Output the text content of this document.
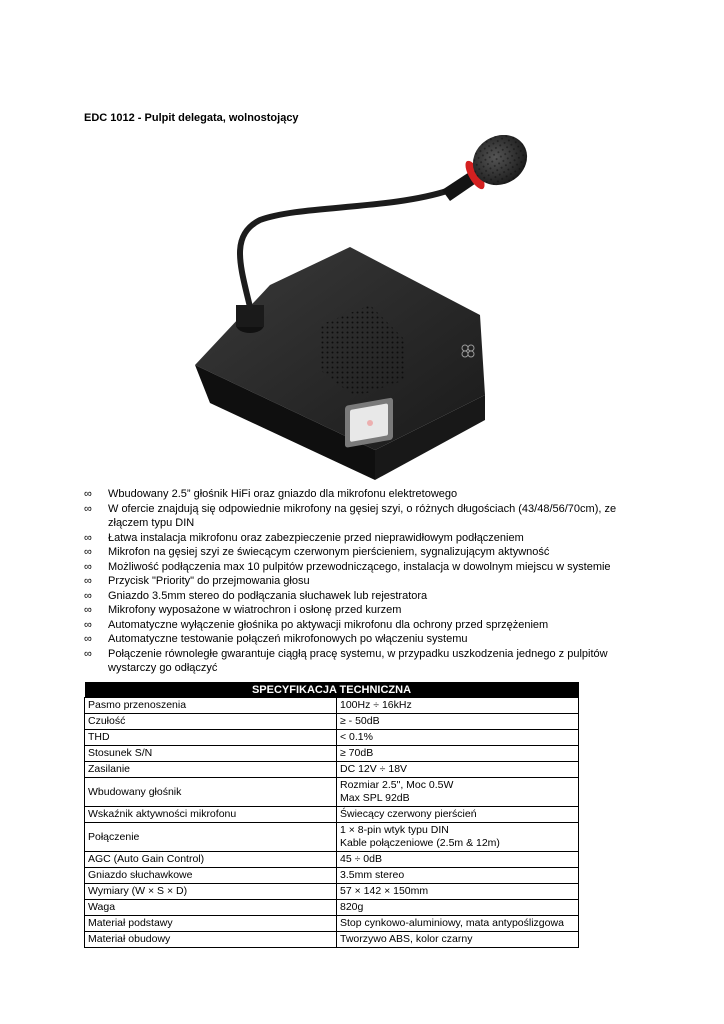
EDC 1012 - Pulpit delegata, wolnostojący
∞ Wbudowany 2.5” głośnik HiFi oraz gniazdo dla mikrofonu elektretowego
∞ W ofercie znajdują się odpowiednie mikrofony na gęsiej szyi, o różnych długościach (43/48/56/70cm), ze złączem typu DIN
∞ Łatwa instalacja mikrofonu oraz zabezpieczenie przed nieprawidłowym podłączeniem
∞ Mikrofon na gęsiej szyi ze świecącym czerwonym pierścieniem, sygnalizującym aktywność
∞ Możliwość podłączenia max 10 pulpitów przewodniczącego, instalacja w dowolnym miejscu w systemie
∞ Przycisk "Priority" do przejmowania głosu
∞ Gniazdo 3.5mm stereo do podłączania słuchawek lub rejestratora
∞ Mikrofony wyposażone w wiatrochron i osłonę przed kurzem
∞ Automatyczne wyłączenie głośnika po aktywacji mikrofonu dla ochrony przed sprzężeniem
∞ Automatyczne testowanie połączeń mikrofonowych po włączeniu systemu
∞ Połączenie równoległe gwarantuje ciągłą pracę systemu, w przypadku uszkodzenia jednego z pulpitów wystarczy go odłączyć
SPECYFIKACJA TECHNICZNA	
Pasmo przenoszenia	100Hz ÷ 16kHz

Czułość	≥ - 50dB

THD	< 0.1%

Stosunek S/N	≥ 70dB

Zasilanie	DC 12V ÷ 18V

Wbudowany głośnik	Rozmiar 2.5", Moc 0.5W
Max SPL 92dB

Wskaźnik aktywności mikrofonu	Świecący czerwony pierścień

Połączenie	1 × 8-pin wtyk typu DIN
Kable połączeniowe (2.5m & 12m)

AGC (Auto Gain Control)	45 ÷ 0dB

Gniazdo słuchawkowe	3.5mm stereo

Wymiary (W × S × D)	57 × 142 × 150mm

Waga	820g

Materiał podstawy	Stop cynkowo-aluminiowy, mata antypoślizgowa

Materiał obudowy	Tworzywo ABS, kolor czarny
